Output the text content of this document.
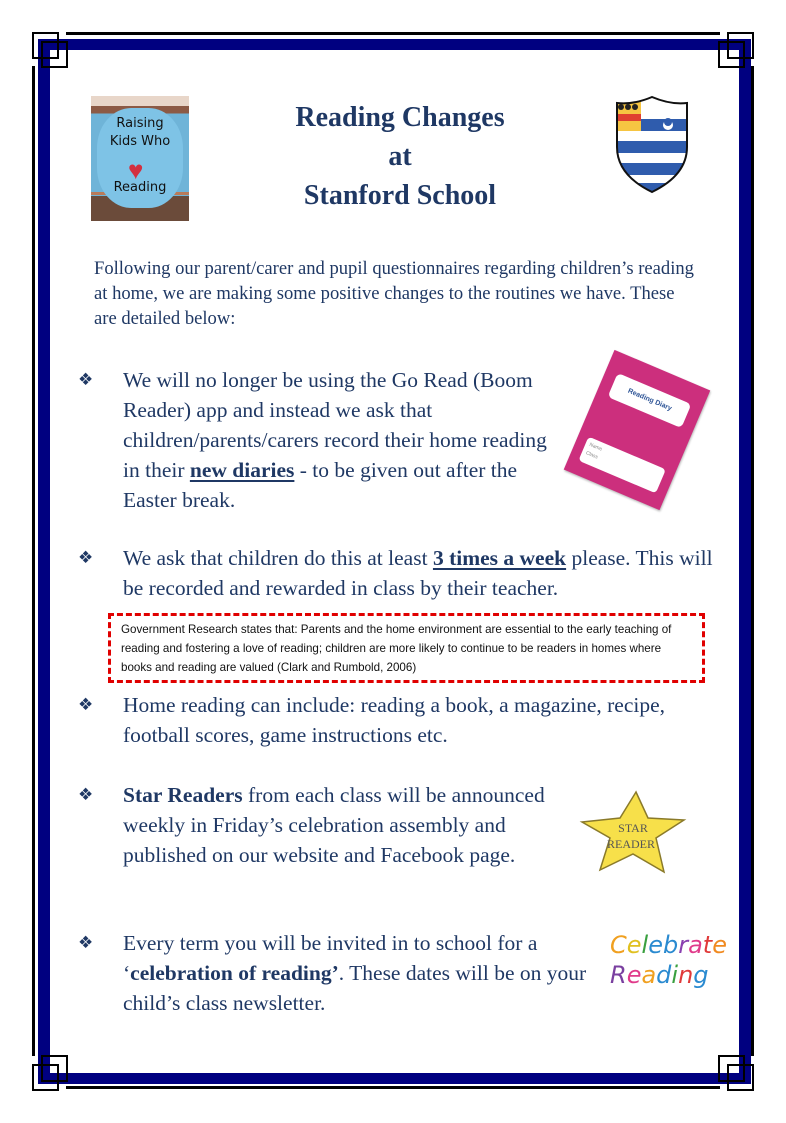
Raising
Kids Who
♥
Reading
Reading Changes
at
Stanford School
Following our parent/carer and pupil questionnaires regarding children’s reading at home, we are making some positive changes to the routines we have. These are detailed below:
❖ We will no longer be using the Go Read (Boom Reader) app and instead we ask that children/parents/carers record their home reading in their new diaries - to be given out after the Easter break.
❖ We ask that children do this at least 3 times a week please. This will be recorded and rewarded in class by their teacher.
Government Research states that: Parents and the home environment are essential to the early teaching of reading and fostering a love of reading; children are more likely to continue to be readers in homes where books and reading are valued (Clark and Rumbold, 2006)
❖ Home reading can include: reading a book, a magazine, recipe, football scores, game instructions etc.
❖ Star Readers from each class will be announced weekly in Friday’s celebration assembly and published on our website and Facebook page.
❖ Every term you will be invited in to school for a ‘celebration of reading’. These dates will be on your child’s class newsletter.
Reading Diary
Name
Class
STAR
READER
Celebrate
Reading
